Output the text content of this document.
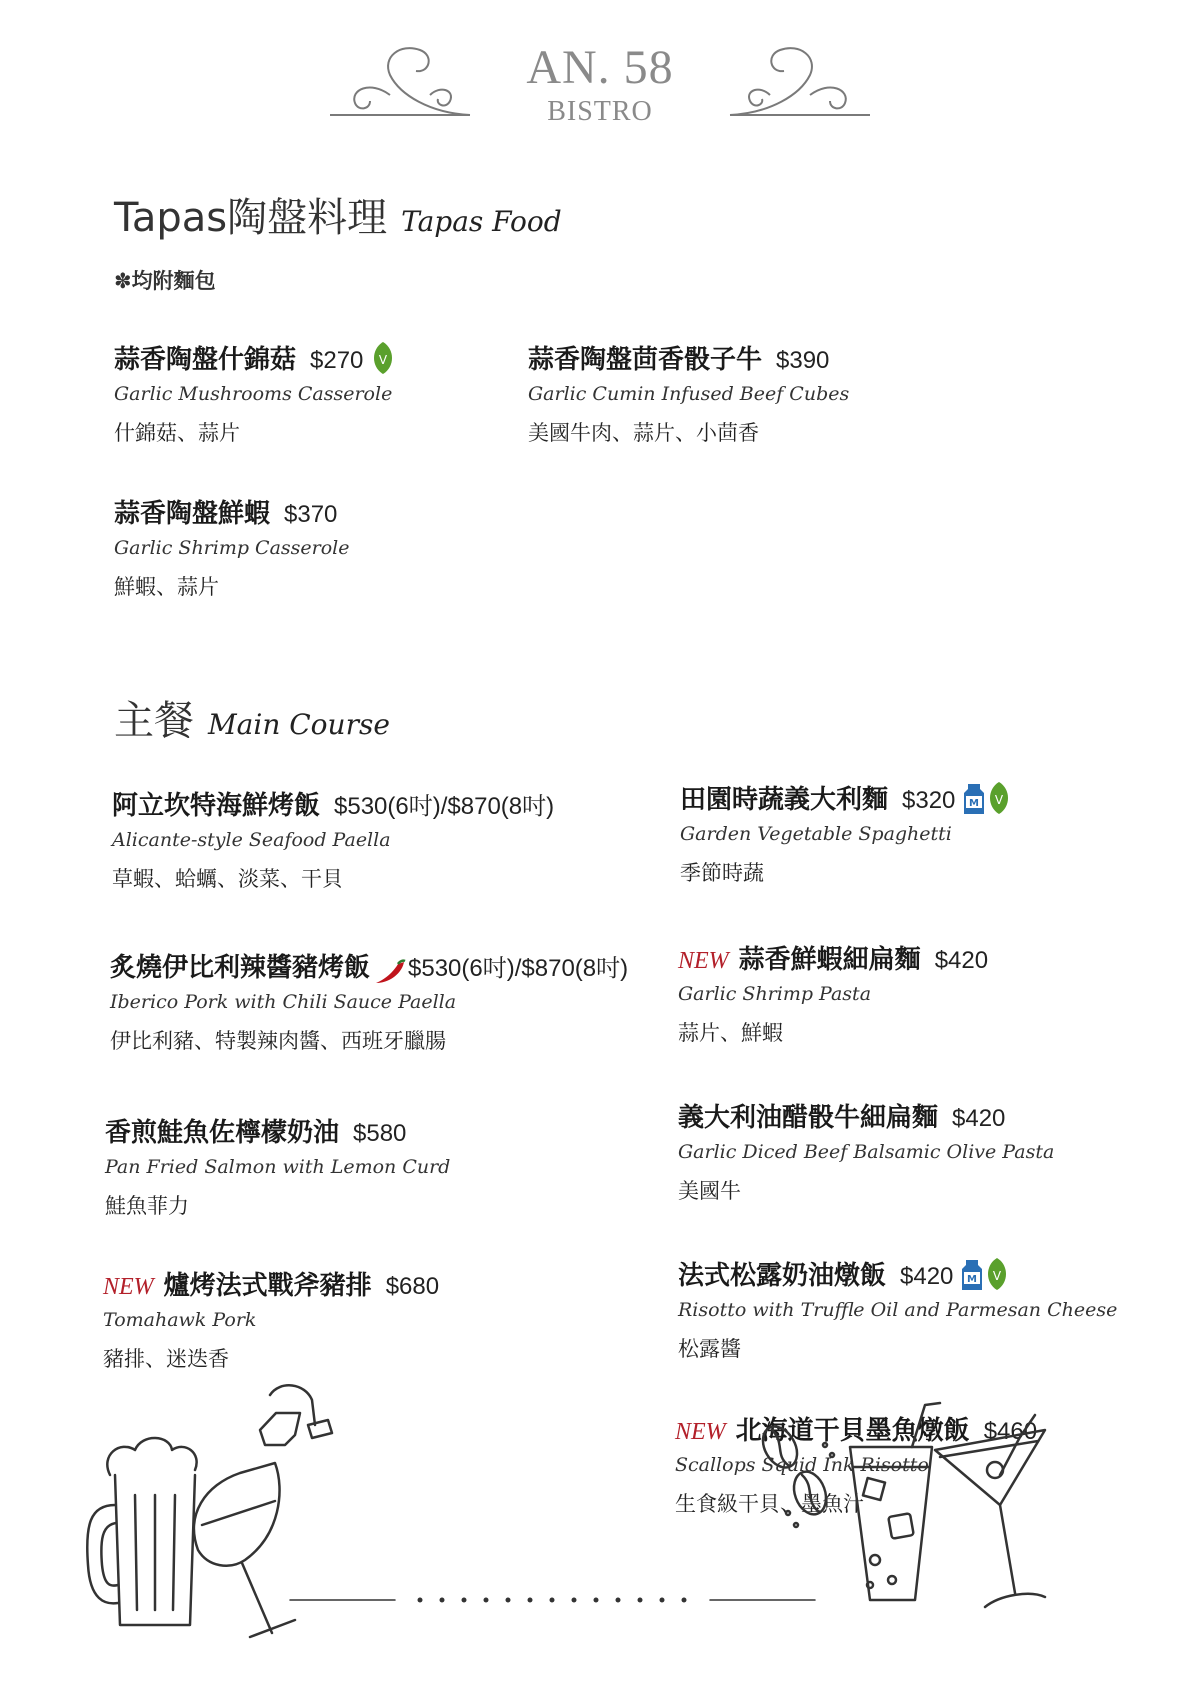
AN. 58
BISTRO
Tapas陶盤料理 Tapas Food
✽均附麵包
蒜香陶盤什錦菇 $270 V
Garlic Mushrooms Casserole
什錦菇、蒜片
蒜香陶盤茴香骰子牛 $390
Garlic Cumin Infused Beef Cubes
美國牛肉、蒜片、小茴香
蒜香陶盤鮮蝦 $370
Garlic Shrimp Casserole
鮮蝦、蒜片
主餐 Main Course
阿立坎特海鮮烤飯 $530(6吋)/$870(8吋)
Alicante-style Seafood Paella
草蝦、蛤蠣、淡菜、干貝
炙燒伊比利辣醬豬烤飯 $530(6吋)/$870(8吋)
Iberico Pork with Chili Sauce Paella
伊比利豬、特製辣肉醬、西班牙臘腸
香煎鮭魚佐檸檬奶油 $580
Pan Fried Salmon with Lemon Curd
鮭魚菲力
NEW 爐烤法式戰斧豬排 $680
Tomahawk Pork
豬排、迷迭香
田園時蔬義大利麵 $320 M V
Garden Vegetable Spaghetti
季節時蔬
NEW 蒜香鮮蝦細扁麵 $420
Garlic Shrimp Pasta
蒜片、鮮蝦
義大利油醋骰牛細扁麵 $420
Garlic Diced Beef Balsamic Olive Pasta
美國牛
法式松露奶油燉飯 $420 M V
Risotto with Truffle Oil and Parmesan Cheese
松露醬
NEW 北海道干貝墨魚燉飯 $460
Scallops Squid Ink Risotto
生食級干貝、墨魚汁
